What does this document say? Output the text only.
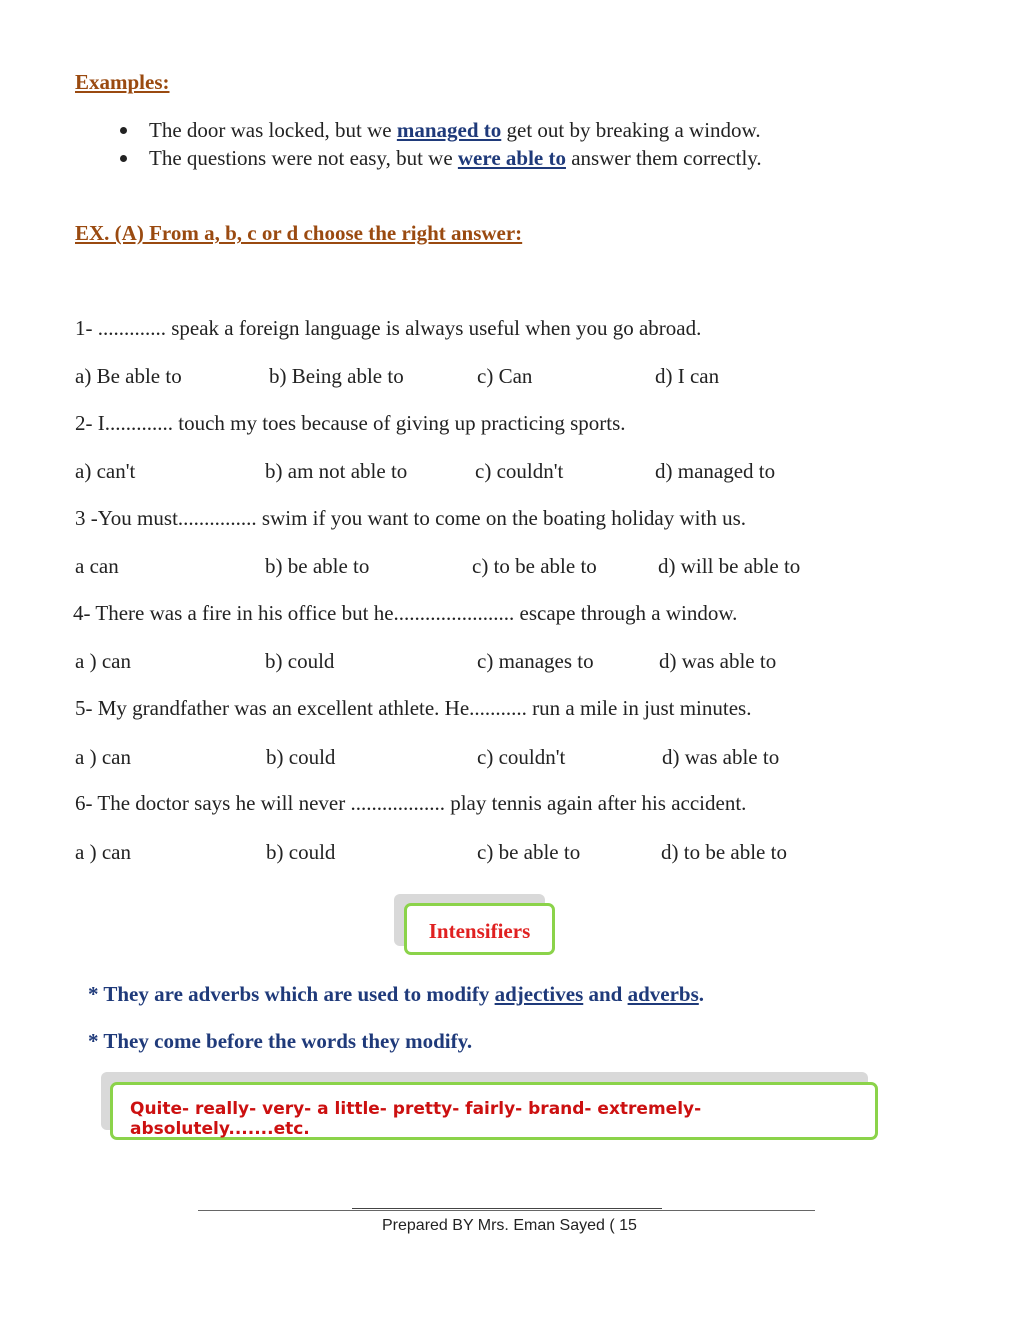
Examples:
The door was locked, but we managed to get out by breaking a window.
The questions were not easy, but we were able to answer them correctly.
EX. (A) From a, b, c or d choose the right answer:
1- ............. speak a foreign language is always useful when you go abroad.
a) Be able to	b) Being able to	c) Can	d) I can
2- I............. touch my toes because of giving up practicing sports.
a) can't	b) am not able to	c) couldn't	d) managed to
3 -You must............... swim if you want to come on the boating holiday with us.
a can	b) be able to	c) to be able to	d) will be able to
4- There was a fire in his office but he....................... escape through a window.
a ) can	b) could	c) manages to	d) was able to
5- My grandfather was an excellent athlete. He........... run a mile in just minutes.
a ) can	b) could	c) couldn't	d) was able to
6- The doctor says he will never .................. play tennis again after his accident.
a ) can	b) could	c) be able to	d) to be able to
Intensifiers
* They are adverbs which are used to modify adjectives and adverbs.
* They come before the words they modify.
Quite- really- very- a little- pretty- fairly- brand- extremely- absolutely.......etc.
Prepared BY Mrs. Eman Sayed ( 15
